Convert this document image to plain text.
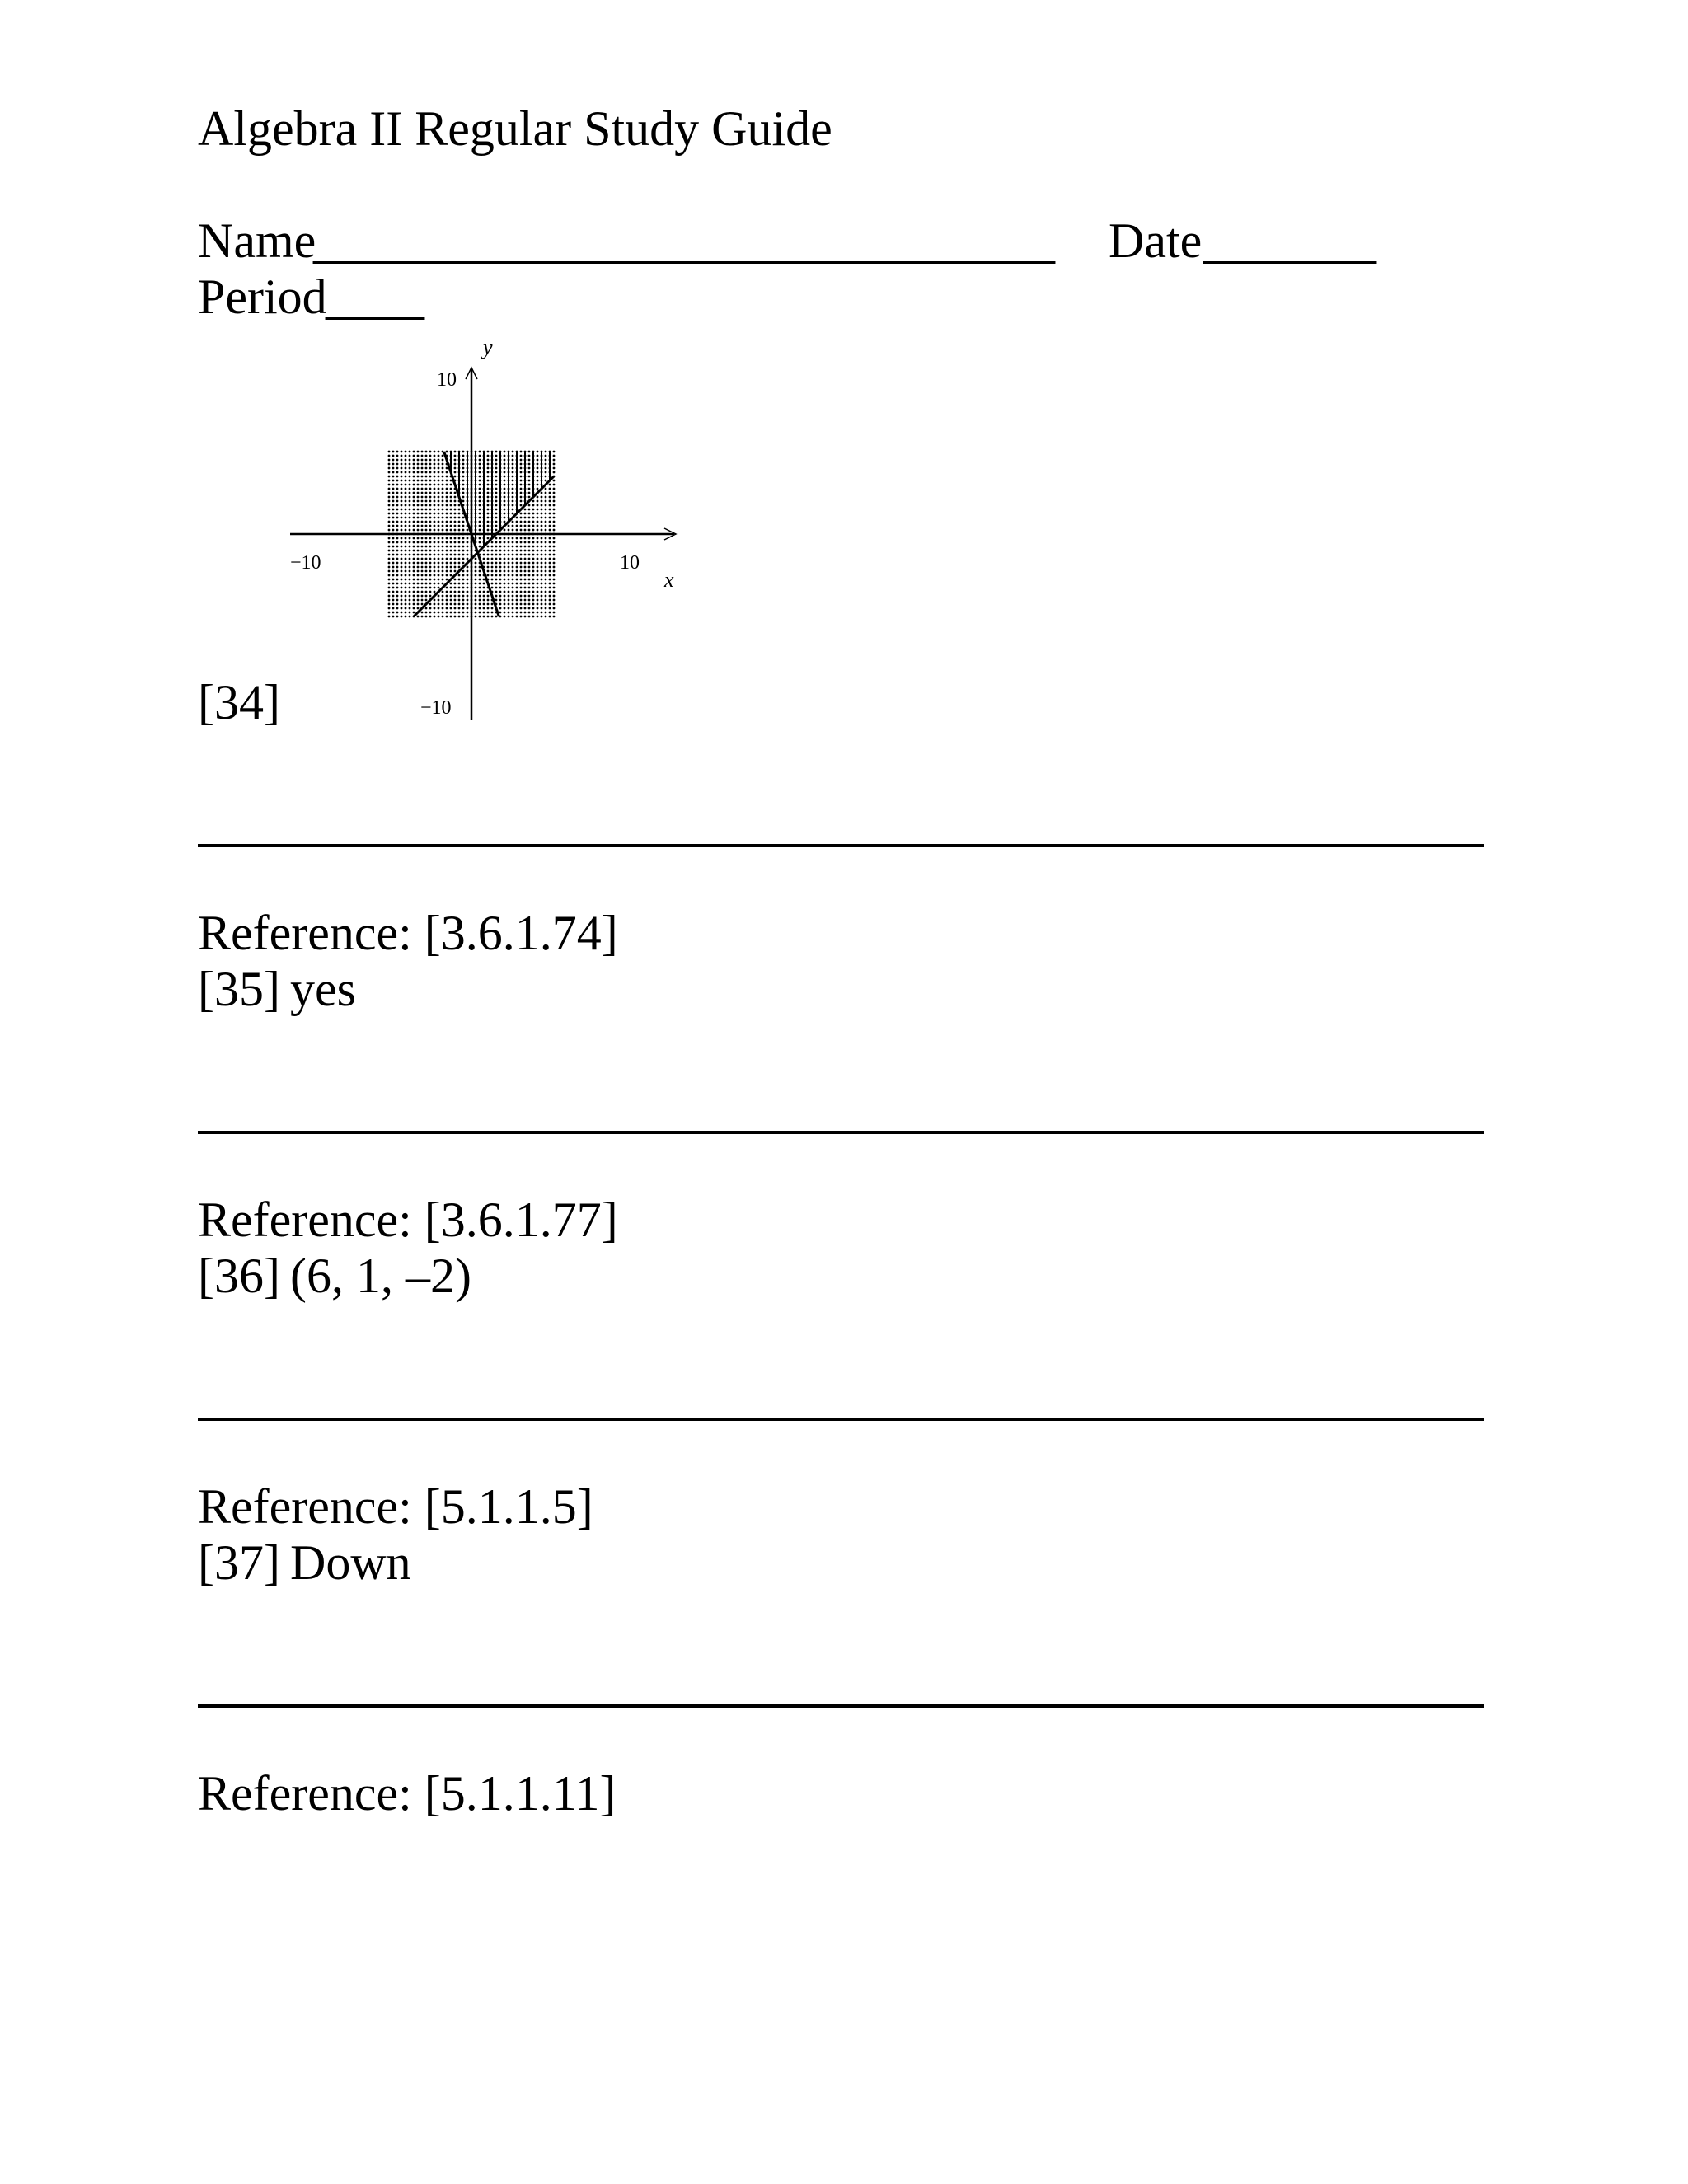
Algebra II Regular Study Guide
Name
______________________________ Date _______
Period
____
[34]
y
x
−10	10
10
−10
Reference: [3.6.1.74]
[35] yes
Reference: [3.6.1.77]
[36] (6, 1, –2)
Reference: [5.1.1.5]
[37] Down
Reference: [5.1.1.11]
